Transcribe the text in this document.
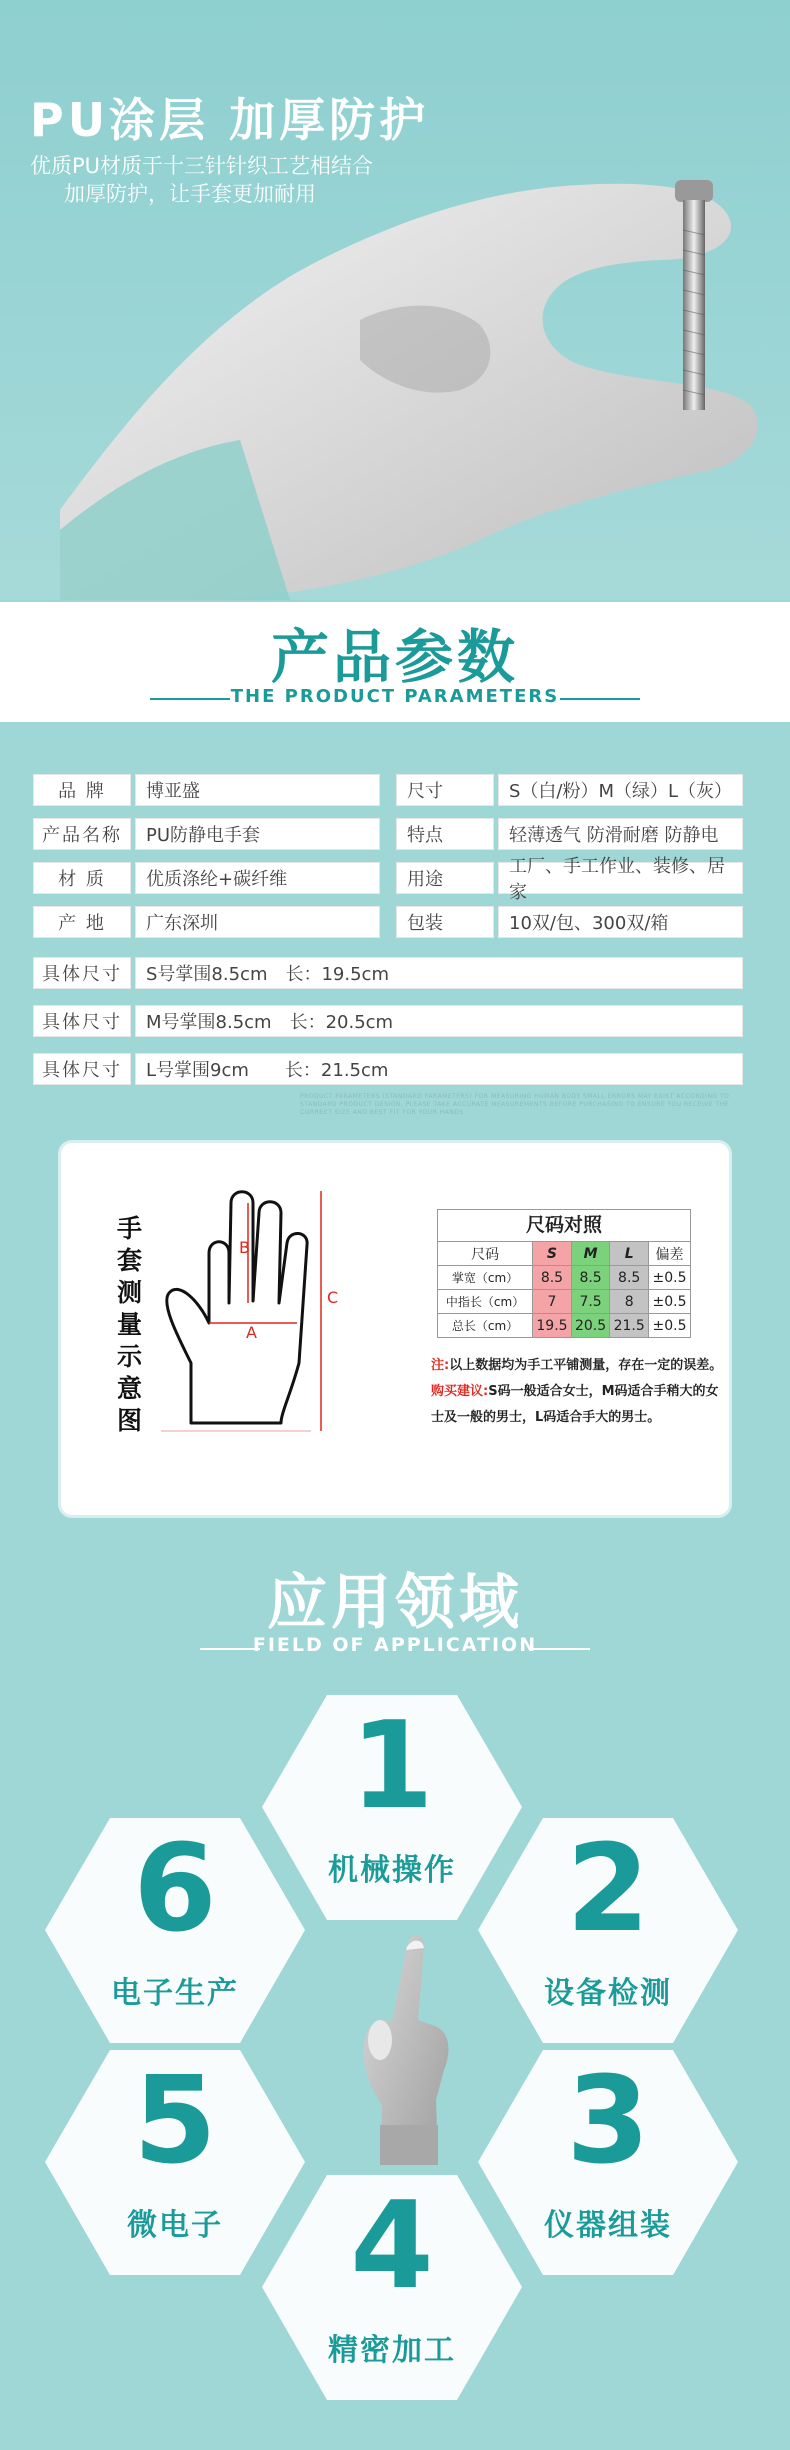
PU涂层 加厚防护
优质PU材质于十三针针织工艺相结合
加厚防护，让手套更加耐用
产品参数
THE PRODUCT PARAMETERS
品 牌	博亚盛	尺寸	S（白/粉）M（绿）L（灰）
产品名称	PU防静电手套	特点	轻薄透气 防滑耐磨 防静电
材 质	优质涤纶+碳纤维	用途
工厂、手工作业、装修、居家
产 地	广东深圳	包装	10双/包、300双/箱
具体尺寸	S号掌围8.5cm　长：19.5cm
具体尺寸	M号掌围8.5cm　长：20.5cm
具体尺寸	L号掌围9cm　　长：21.5cm
PRODUCT PARAMETERS (STANDARD PARAMETERS) FOR MEASURING HUMAN BODY SMALL ERRORS MAY EXIST ACCORDING TO STANDARD PRODUCT DESIGN, PLEASE TAKE ACCURATE MEASUREMENTS BEFORE PURCHASING TO ENSURE YOU RECEIVE THE CORRECT SIZE AND BEST FIT FOR YOUR HANDS
手套测量示意图
B
A
C
尺码对照
尺码	S	M	L	偏差
掌宽（cm）	8.5	8.5	8.5	±0.5
中指长（cm）	7	7.5	8	±0.5
总长（cm）	19.5	20.5	21.5	±0.5
注:以上数据均为手工平铺测量，存在一定的误差。
购买建议:S码一般适合女士，M码适合手稍大的女士及一般的男士，L码适合手大的男士。
应用领域
FIELD OF APPLICATION
1
机械操作 2
设备检测
3
仪器组装
4
精密加工
5
微电子
6
电子生产
